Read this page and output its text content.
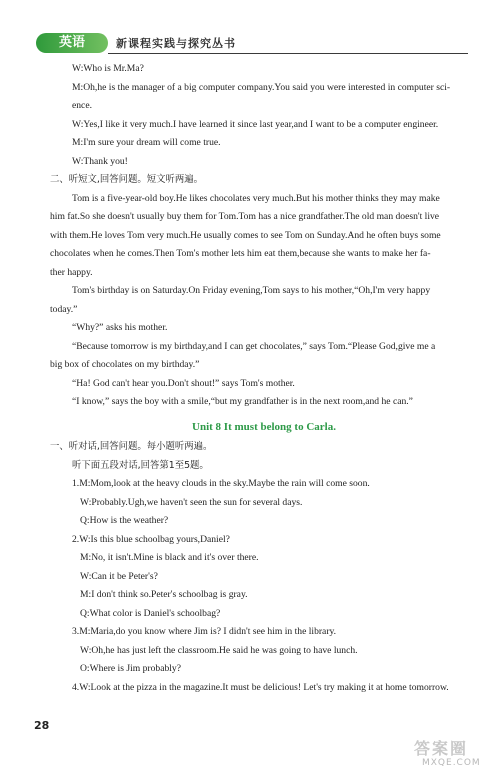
英语	新课程实践与探究丛书

W:Who is Mr.Ma?

M:Oh,he is the manager of a big computer company.You said you were interested in computer sci-

ence.

W:Yes,I like it very much.I have learned it since last year,and I want to be a computer engineer.

M:I'm sure your dream will come true.

W:Thank you!

二、听短文,回答问题。短文听两遍。

Tom is a five-year-old boy.He likes chocolates very much.But his mother thinks they may make

him fat.So she doesn't usually buy them for Tom.Tom has a nice grandfather.The old man doesn't live

with them.He loves Tom very much.He usually comes to see Tom on Sunday.And he often buys some

chocolates when he comes.Then Tom's mother lets him eat them,because she wants to make her fa-

ther happy.

Tom's birthday is on Saturday.On Friday evening,Tom says to his mother,“Oh,I'm very happy

today.”

“Why?” asks his mother.

“Because tomorrow is my birthday,and I can get chocolates,” says Tom.“Please God,give me a

big box of chocolates on my birthday.”

“Ha! God can't hear you.Don't shout!” says Tom's mother.

“I know,” says the boy with a smile,“but my grandfather is in the next room,and he can.”

Unit 8 It must belong to Carla.

一、听对话,回答问题。每小题听两遍。

听下面五段对话,回答第1至5题。

1.M:Mom,look at the heavy clouds in the sky.Maybe the rain will come soon.

W:Probably.Ugh,we haven't seen the sun for several days.

Q:How is the weather?

2.W:Is this blue schoolbag yours,Daniel?

M:No, it isn't.Mine is black and it's over there.

W:Can it be Peter's?

M:I don't think so.Peter's schoolbag is gray.

Q:What color is Daniel's schoolbag?

3.M:Maria,do you know where Jim is? I didn't see him in the library.

W:Oh,he has just left the classroom.He said he was going to have lunch.

O:Where is Jim probably?

4.W:Look at the pizza in the magazine.It must be delicious! Let's try making it at home tomorrow.

28
答案圈
MXQE.COM
